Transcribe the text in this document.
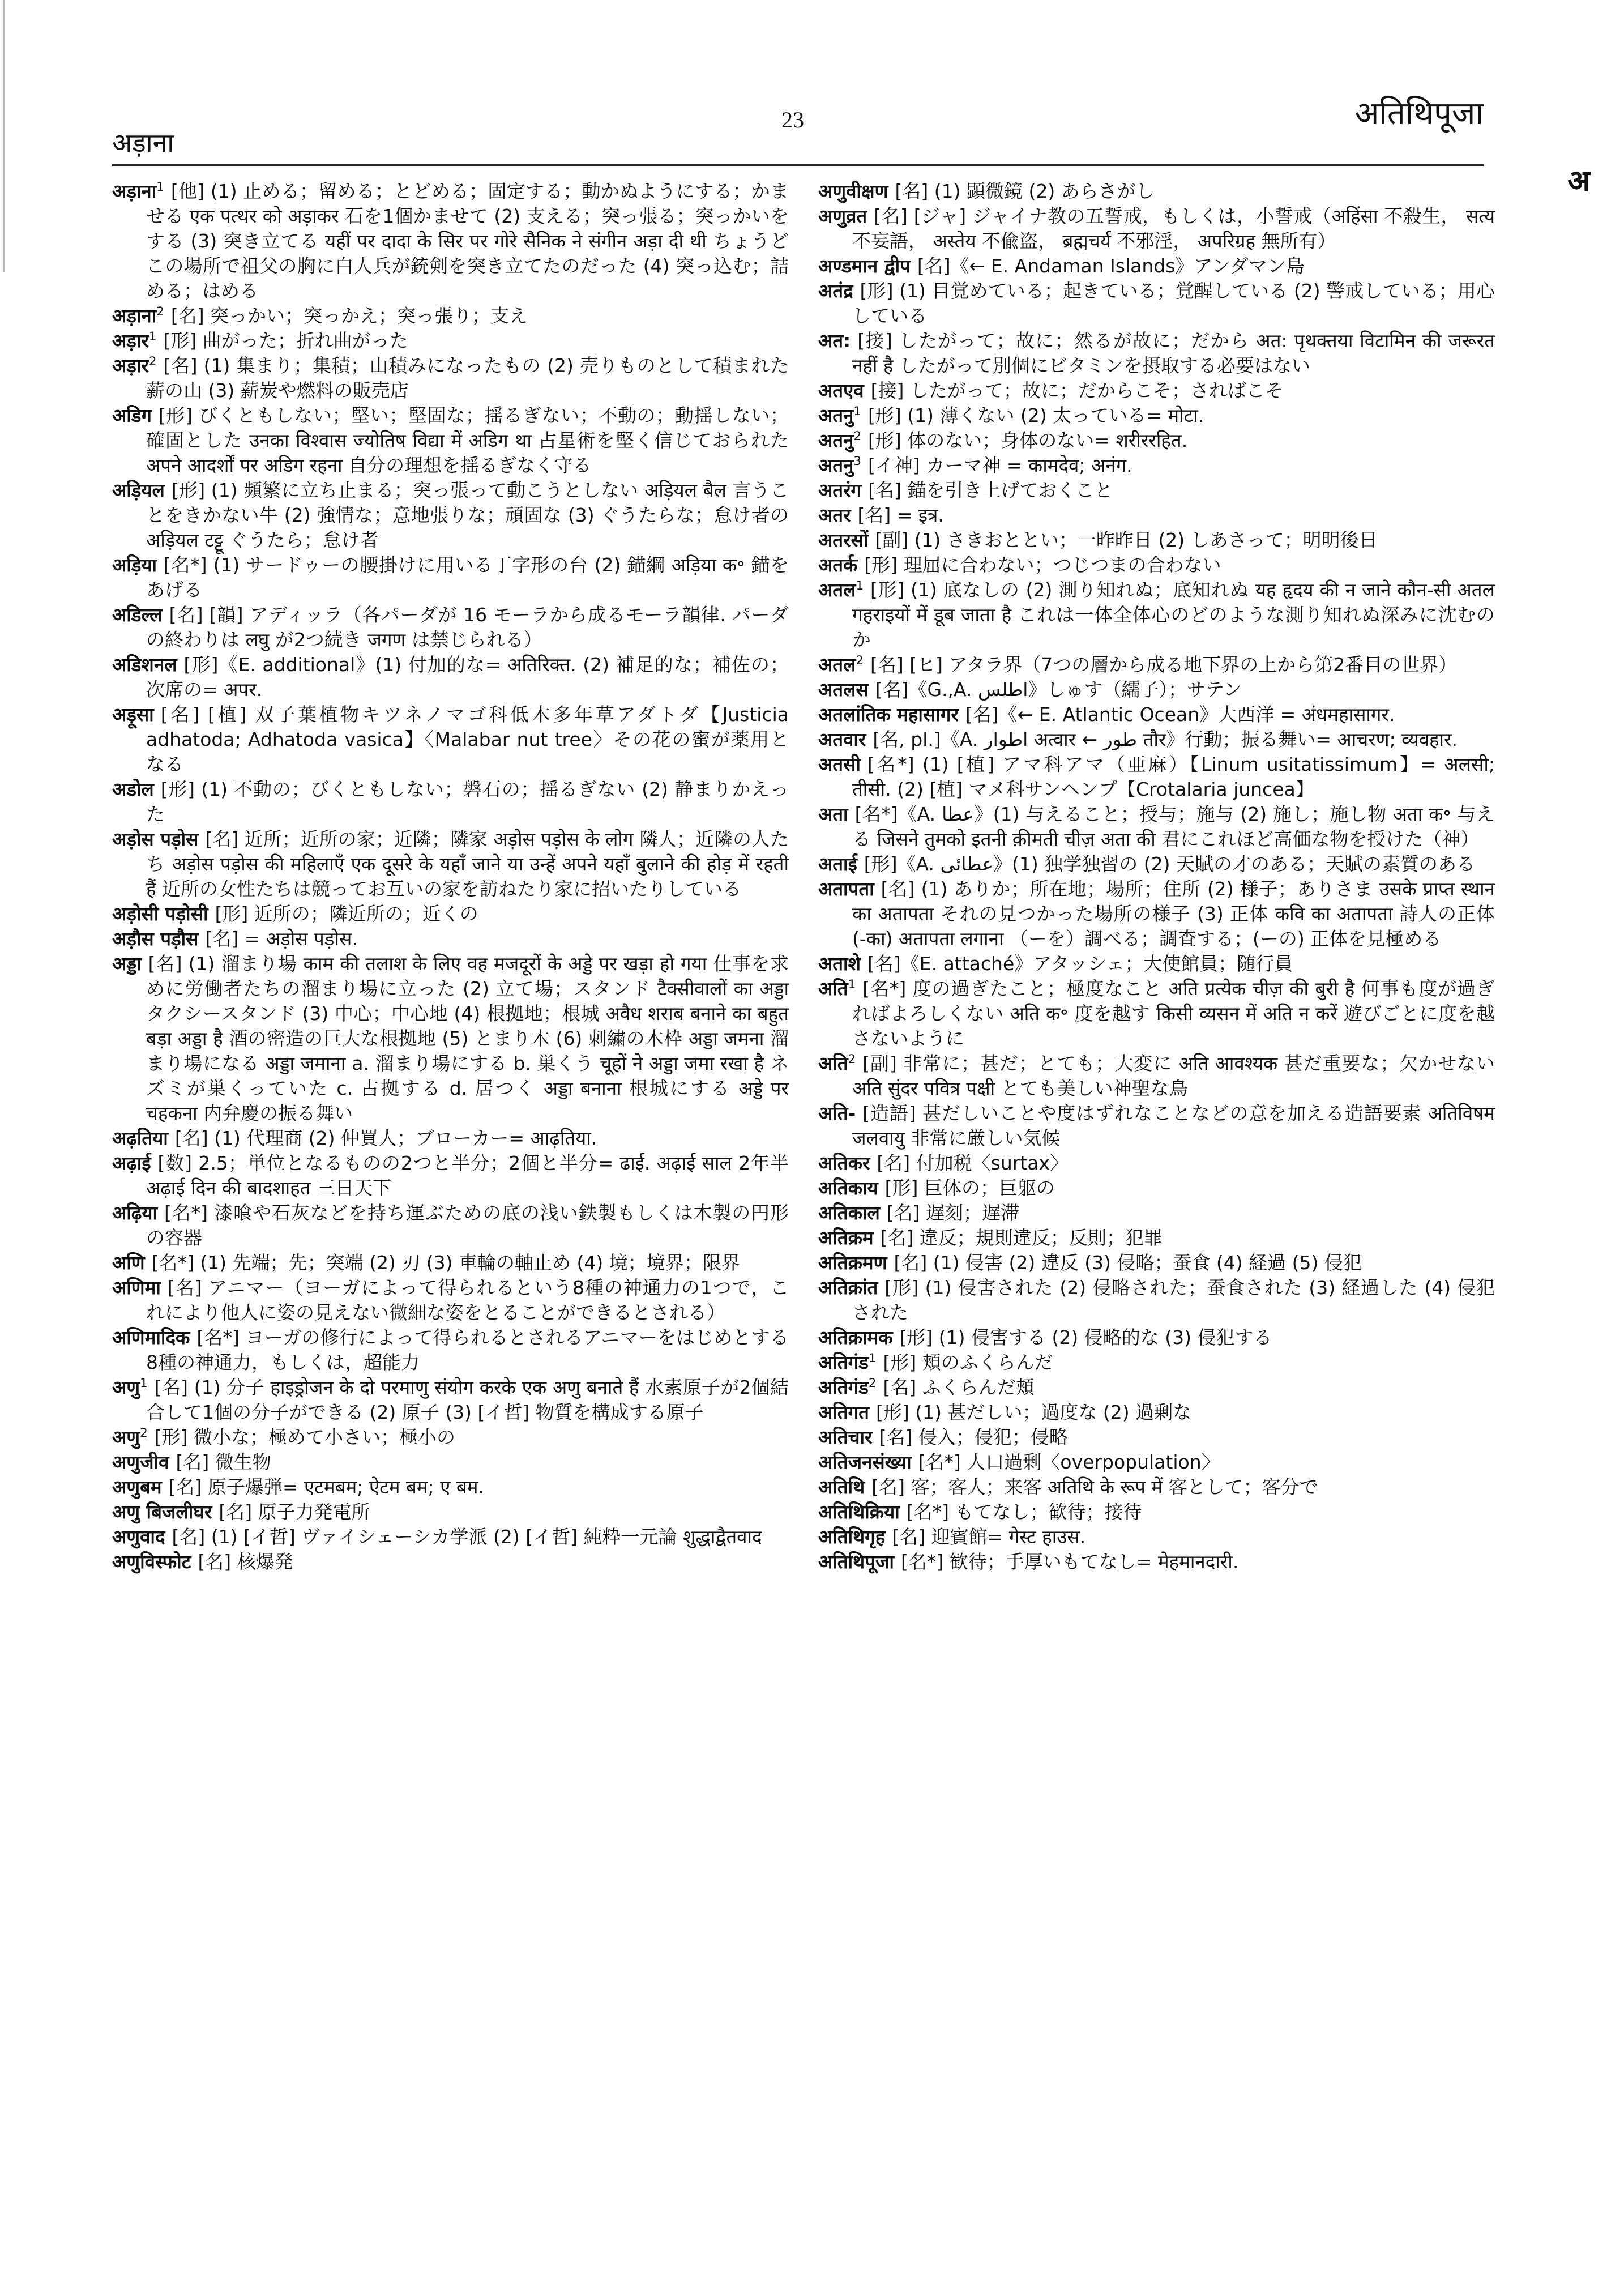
अड़ाना
23	अतिथिपूजा
अ

अड़ाना$^1$ [他] (1) 止める；留める；とどめる；固定する；動かぬようにする；かませる एक पत्थर को अड़ाकर 石を1個かませて (2) 支える；突っ張る；突っかいをする (3) 突き立てる यहीं पर दादा के सिर पर गोरे सैनिक ने संगीन अड़ा दी थी ちょうどこの場所で祖父の胸に白人兵が銃剣を突き立てたのだった (4) 突っ込む；詰める；はめる

अड़ाना$^2$ [名] 突っかい；突っかえ；突っ張り；支え

अड़ार$^1$ [形] 曲がった；折れ曲がった

अड़ार$^2$ [名] (1) 集まり；集積；山積みになったもの (2) 売りものとして積まれた薪の山 (3) 薪炭や燃料の販売店

अडिग [形] びくともしない；堅い；堅固な；揺るぎない；不動の；動揺しない；確固とした उनका विश्वास ज्योतिष विद्या में अडिग था 占星術を堅く信じておられた अपने आदर्शों पर अडिग रहना 自分の理想を揺るぎなく守る

अड़ियल [形] (1) 頻繁に立ち止まる；突っ張って動こうとしない अड़ियल बैल 言うことをきかない牛 (2) 強情な；意地張りな；頑固な (3) ぐうたらな；怠け者の अड़ियल टट्टू ぐうたら；怠け者

अड़िया [名*] (1) サードゥーの腰掛けに用いる丁字形の台 (2) 錨綱 अड़िया क॰ 錨をあげる

अडिल्ल [名] [韻] アディッラ（各パーダが 16 モーラから成るモーラ韻律. パーダの終わりは लघु が2つ続き जगण は禁じられる）

अडिशनल [形]《E. additional》(1) 付加的な= अतिरिक्त. (2) 補足的な；補佐の；次席の= अपर.

अड़ूसा [名] [植] 双子葉植物キツネノマゴ科低木多年草アダトダ【Justicia adhatoda; Adhatoda vasica】〈Malabar nut tree〉その花の蜜が薬用となる

अडोल [形] (1) 不動の；びくともしない；磐石の；揺るぎない (2) 静まりかえった

अड़ोस पड़ोस [名] 近所；近所の家；近隣；隣家 अड़ोस पड़ोस के लोग 隣人；近隣の人たち अड़ोस पड़ोस की महिलाएँ एक दूसरे के यहाँ जाने या उन्हें अपने यहाँ बुलाने की होड़ में रहती हैं 近所の女性たちは競ってお互いの家を訪ねたり家に招いたりしている

अड़ोसी पड़ोसी [形] 近所の；隣近所の；近くの

अड़ौस पड़ौस [名] = अड़ोस पड़ोस.

अड्डा [名] (1) 溜まり場 काम की तलाश के लिए वह मजदूरों के अड्डे पर खड़ा हो गया 仕事を求めに労働者たちの溜まり場に立った (2) 立て場；スタンド टैक्सीवालों का अड्डा タクシースタンド (3) 中心；中心地 (4) 根拠地；根城 अवैध शराब बनाने का बहुत बड़ा अड्डा है 酒の密造の巨大な根拠地 (5) とまり木 (6) 刺繍の木枠 अड्डा जमना 溜まり場になる अड्डा जमाना a. 溜まり場にする b. 巣くう चूहों ने अड्डा जमा रखा है ネズミが巣くっていた c. 占拠する d. 居つく अड्डा बनाना 根城にする अड्डे पर चहकना 内弁慶の振る舞い

अढ़तिया [名] (1) 代理商 (2) 仲買人；ブローカー= आढ़तिया.

अढ़ाई [数] 2.5；単位となるものの2つと半分；2個と半分= ढाई. अढ़ाई साल 2年半 अढ़ाई दिन की बादशाहत 三日天下

अढ़िया [名*] 漆喰や石灰などを持ち運ぶための底の浅い鉄製もしくは木製の円形の容器

अणि [名*] (1) 先端；先；突端 (2) 刃 (3) 車輪の軸止め (4) 境；境界；限界

अणिमा [名] アニマー（ヨーガによって得られるという8種の神通力の1つで，これにより他人に姿の見えない微細な姿をとることができるとされる）

अणिमादिक [名*] ヨーガの修行によって得られるとされるアニマーをはじめとする8種の神通力，もしくは，超能力

अणु$^1$ [名] (1) 分子 हाइड्रोजन के दो परमाणु संयोग करके एक अणु बनाते हैं 水素原子が2個結合して1個の分子ができる (2) 原子 (3) [イ哲] 物質を構成する原子

अणु$^2$ [形] 微小な；極めて小さい；極小の

अणुजीव [名] 微生物

अणुबम [名] 原子爆弾= एटमबम; ऐटम बम; ए बम.

अणु बिजलीघर [名] 原子力発電所

अणुवाद [名] (1) [イ哲] ヴァイシェーシカ学派 (2) [イ哲] 純粋一元論 शुद्धाद्वैतवाद

अणुविस्फोट [名] 核爆発

अणुवीक्षण [名] (1) 顕微鏡 (2) あらさがし

अणुव्रत [名] [ジャ] ジャイナ教の五誓戒，もしくは，小誓戒（अहिंसा 不殺生， सत्य 不妄語， अस्तेय 不偸盗， ब्रह्मचर्य 不邪淫， अपरिग्रह 無所有）

अण्डमान द्वीप [名]《← E. Andaman Islands》アンダマン島

अतंद्र [形] (1) 目覚めている；起きている；覚醒している (2) 警戒している；用心している

अत: [接] したがって；故に；然るが故に；だから अत: पृथक्तया विटामिन की जरूरत नहीं है したがって別個にビタミンを摂取する必要はない

अतएव [接] したがって；故に；だからこそ；さればこそ

अतनु$^1$ [形] (1) 薄くない (2) 太っている= मोटा.

अतनु$^2$ [形] 体のない；身体のない= शरीररहित.

अतनु$^3$ [イ神] カーマ神 = कामदेव; अनंग.

अतरंग [名] 錨を引き上げておくこと

अतर [名] = इत्र.

अतरसों [副] (1) さきおととい；一昨昨日 (2) しあさって；明明後日

अतर्क [形] 理屈に合わない；つじつまの合わない

अतल$^1$ [形] (1) 底なしの (2) 測り知れぬ；底知れぬ यह हृदय की न जाने कौन-सी अतल गहराइयों में डूब जाता है これは一体全体心のどのような測り知れぬ深みに沈むのか

अतल$^2$ [名] [ヒ] アタラ界（7つの層から成る地下界の上から第2番目の世界）

अतलस [名]《G.,A. اطلس》しゅす（繻子）；サテン

अतलांतिक महासागर [名]《← E. Atlantic Ocean》大西洋 = अंधमहासागर.

अतवार [名, pl.]《A. اطوار अत्वार ← طور तौर》行動；振る舞い= आचरण; व्यवहार.

अतसी [名*] (1) [植] アマ科アマ（亜麻）【Linum usitatissimum】= अलसी; तीसी. (2) [植] マメ科サンヘンプ【Crotalaria juncea】

अता [名*]《A. عطا》(1) 与えること；授与；施与 (2) 施し；施し物 अता क॰ 与える जिसने तुमको इतनी क़ीमती चीज़ अता की 君にこれほど高価な物を授けた（神）

अताई [形]《A. عطائی》(1) 独学独習の (2) 天賦の才のある；天賦の素質のある

अतापता [名] (1) ありか；所在地；場所；住所 (2) 様子；ありさま उसके प्राप्त स्थान का अतापता それの見つかった場所の様子 (3) 正体 कवि का अतापता 詩人の正体 (-का) अतापता लगाना （ーを）調べる；調査する；(ーの) 正体を見極める

अताशे [名]《E. attaché》アタッシェ；大使館員；随行員

अति$^1$ [名*] 度の過ぎたこと；極度なこと अति प्रत्येक चीज़ की बुरी है 何事も度が過ぎればよろしくない अति क॰ 度を越す किसी व्यसन में अति न करें 遊びごとに度を越さないように

अति$^2$ [副] 非常に；甚だ；とても；大変に अति आवश्यक 甚だ重要な；欠かせない अति सुंदर पवित्र पक्षी とても美しい神聖な鳥

अति- [造語] 甚だしいことや度はずれなことなどの意を加える造語要素 अतिविषम जलवायु 非常に厳しい気候

अतिकर [名] 付加税〈surtax〉

अतिकाय [形] 巨体の；巨躯の

अतिकाल [名] 遅刻；遅滞

अतिक्रम [名] 違反；規則違反；反則；犯罪

अतिक्रमण [名] (1) 侵害 (2) 違反 (3) 侵略；蚕食 (4) 経過 (5) 侵犯

अतिक्रांत [形] (1) 侵害された (2) 侵略された；蚕食された (3) 経過した (4) 侵犯された

अतिक्रामक [形] (1) 侵害する (2) 侵略的な (3) 侵犯する

अतिगंड$^1$ [形] 頬のふくらんだ

अतिगंड$^2$ [名] ふくらんだ頬

अतिगत [形] (1) 甚だしい；過度な (2) 過剰な

अतिचार [名] 侵入；侵犯；侵略

अतिजनसंख्या [名*] 人口過剰〈overpopulation〉

अतिथि [名] 客；客人；来客 अतिथि के रूप में 客として；客分で

अतिथिक्रिया [名*] もてなし；歓待；接待

अतिथिगृह [名] 迎賓館= गेस्ट हाउस.

अतिथिपूजा [名*] 歓待；手厚いもてなし= मेहमानदारी.
